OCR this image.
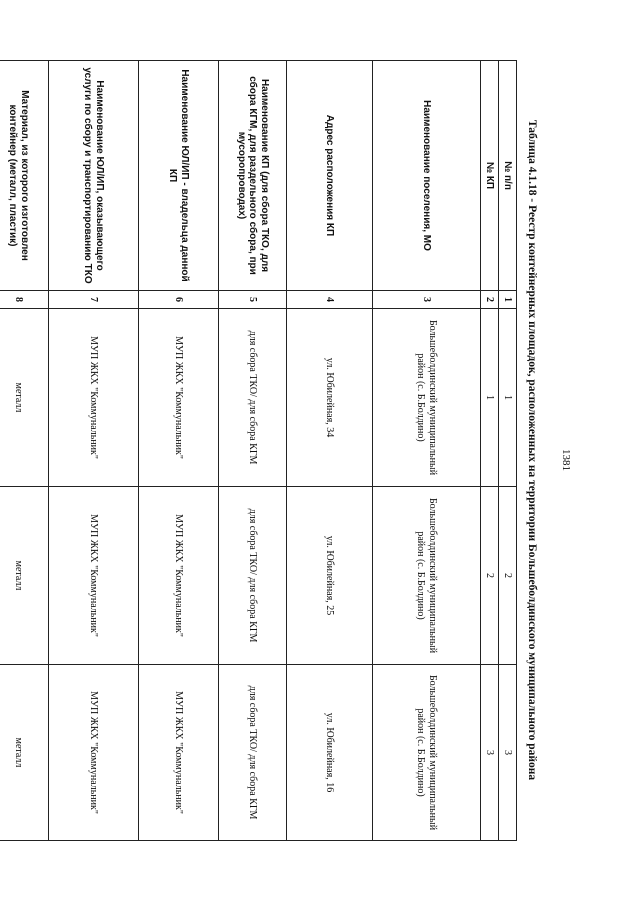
1381
Таблица 4.1.18 - Реестр контейнерных площадок, расположенных на территории Большеболдинского муниципального района
№ п/п	1	1	2	3
№ КП	2	1	2	3
Наименование поселения, МО	3	Большеболдинский муниципальный район (с. Б.Болдино)	Большеболдинский муниципальный район (с. Б.Болдино)	Большеболдинский муниципальный район (с. Б.Болдино)
Адрес расположения КП	4	ул. Юбилейная, 34	ул. Юбилейная, 25	ул. Юбилейная, 16
Наименование КП (для сбора ТКО, для сбора КГМ, для раздельного сбора, при мусоропроводах)	5	для сбора ТКО/ для сбора КГМ	для сбора ТКО/ для сбора КГМ	для сбора ТКО/ для сбора КГМ
Наименование ЮЛ/ИП - владельца данной КП	6	МУП ЖКХ "Коммунальник"	МУП ЖКХ "Коммунальник"	МУП ЖКХ "Коммунальник"
Наименование ЮЛ/ИП, оказывающего услуги по сбору и транспортированию ТКО	7	МУП ЖКХ "Коммунальник"	МУП ЖКХ "Коммунальник"	МУП ЖКХ "Коммунальник"
Материал, из которого изготовлен контейнер (металл, пластик)	8	металл	металл	металл
